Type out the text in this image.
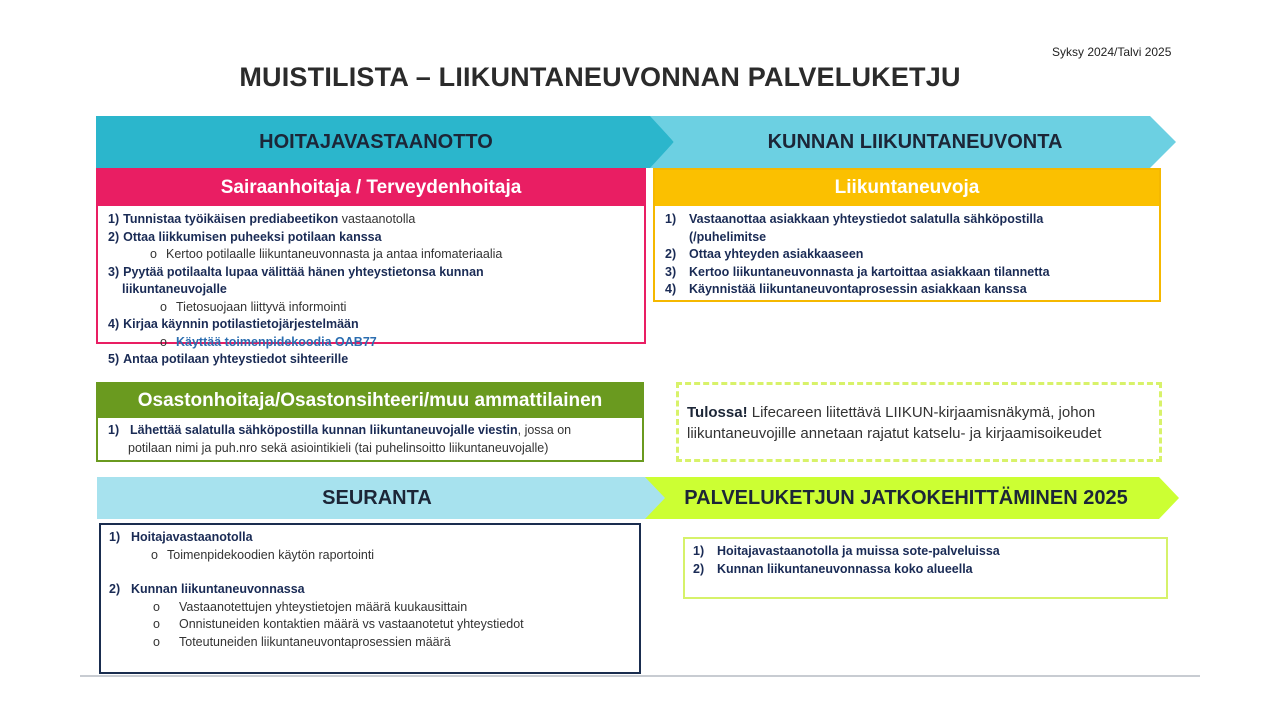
Syksy 2024/Talvi 2025
MUISTILISTA – LIIKUNTANEUVONNAN PALVELUKETJU
HOITAJAVASTAANOTTO	KUNNAN LIIKUNTANEUVONTA
Sairaanhoitaja / Terveydenhoitaja
1) Tunnistaa työikäisen prediabeetikon vastaanotolla
2) Ottaa liikkumisen puheeksi potilaan kanssa
o Kertoo potilaalle liikuntaneuvonnasta ja antaa infomateriaalia
3) Pyytää potilaalta lupaa välittää hänen yhteystietonsa kunnan
liikuntaneuvojalle
o Tietosuojaan liittyvä informointi
4) Kirjaa käynnin potilastietojärjestelmään
o Käyttää toimenpidekoodia OAB77
5) Antaa potilaan yhteystiedot sihteerille
Liikuntaneuvoja
1)	Vastaanottaa asiakkaan yhteystiedot salatulla sähköpostilla
(/puhelimitse
2)	Ottaa yhteyden asiakkaaseen
3)	Kertoo liikuntaneuvonnasta ja kartoittaa asiakkaan tilannetta
4)	Käynnistää liikuntaneuvontaprosessin asiakkaan kanssa
Osastonhoitaja/Osastonsihteeri/muu ammattilainen
1) Lähettää salatulla sähköpostilla kunnan liikuntaneuvojalle viestin, jossa on
potilaan nimi ja puh.nro sekä asiointikieli (tai puhelinsoitto liikuntaneuvojalle)
Tulossa! Lifecareen liitettävä LIIKUN-kirjaamisnäkymä, johon liikuntaneuvojille annetaan rajatut katselu- ja kirjaamisoikeudet
SEURANTA	PALVELUKETJUN JATKOKEHITTÄMINEN 2025
1) Hoitajavastaanotolla
o Toimenpidekoodien käytön raportointi
2) Kunnan liikuntaneuvonnassa
o	Vastaanotettujen yhteystietojen määrä kuukausittain
o	Onnistuneiden kontaktien määrä vs vastaanotetut yhteystiedot
o	Toteutuneiden liikuntaneuvontaprosessien määrä
1)	Hoitajavastaanotolla ja muissa sote-palveluissa
2)	Kunnan liikuntaneuvonnassa koko alueella
